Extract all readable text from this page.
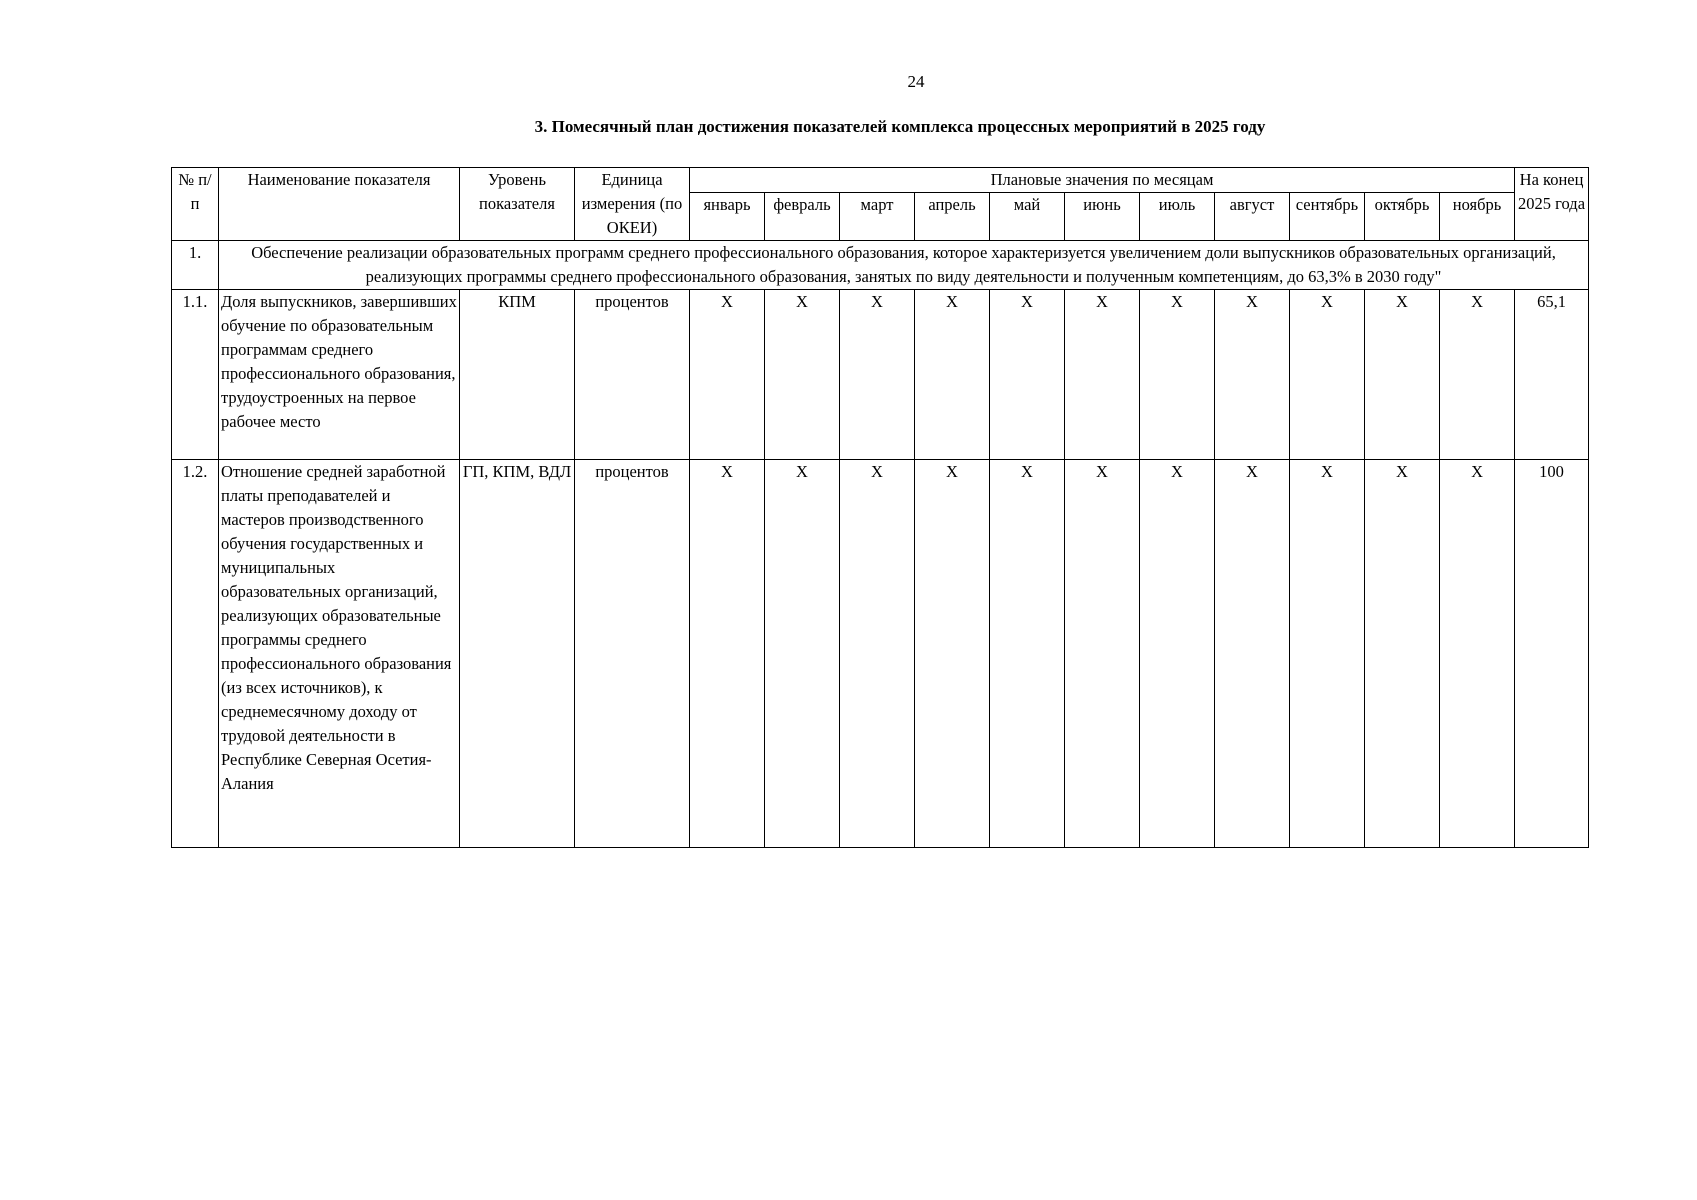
24
3. Помесячный план достижения показателей комплекса процессных мероприятий в 2025 году
№ п/п	Наименование показателя	Уровень показателя	Единица измерения (по ОКЕИ)	Плановые значения по месяцам											На конец 2025 года
				январь	февраль	март	апрель	май	июнь	июль	август	сентябрь	октябрь	ноябрь	
1.	Обеспечение реализации образовательных программ среднего профессионального образования, которое характеризуется увеличением доли выпускников образовательных организаций, реализующих программы среднего профессионального образования, занятых по виду деятельности и полученным компетенциям, до 63,3% в 2030 году"														
1.1.	Доля выпускников, завершивших обучение по образовательным программам среднего профессионального образования, трудоустроенных на первое рабочее место	КПМ	процентов	X	X	X	X	X	X	X	X	X	X	X	65,1
1.2.	Отношение средней заработной платы преподавателей и мастеров производственного обучения государственных и муниципальных образовательных организаций, реализующих образовательные программы среднего профессионального образования (из всех источников), к среднемесячному доходу от трудовой деятельности в Республике Северная Осетия-Алания	ГП, КПМ, ВДЛ	процентов	X	X	X	X	X	X	X	X	X	X	X	100
